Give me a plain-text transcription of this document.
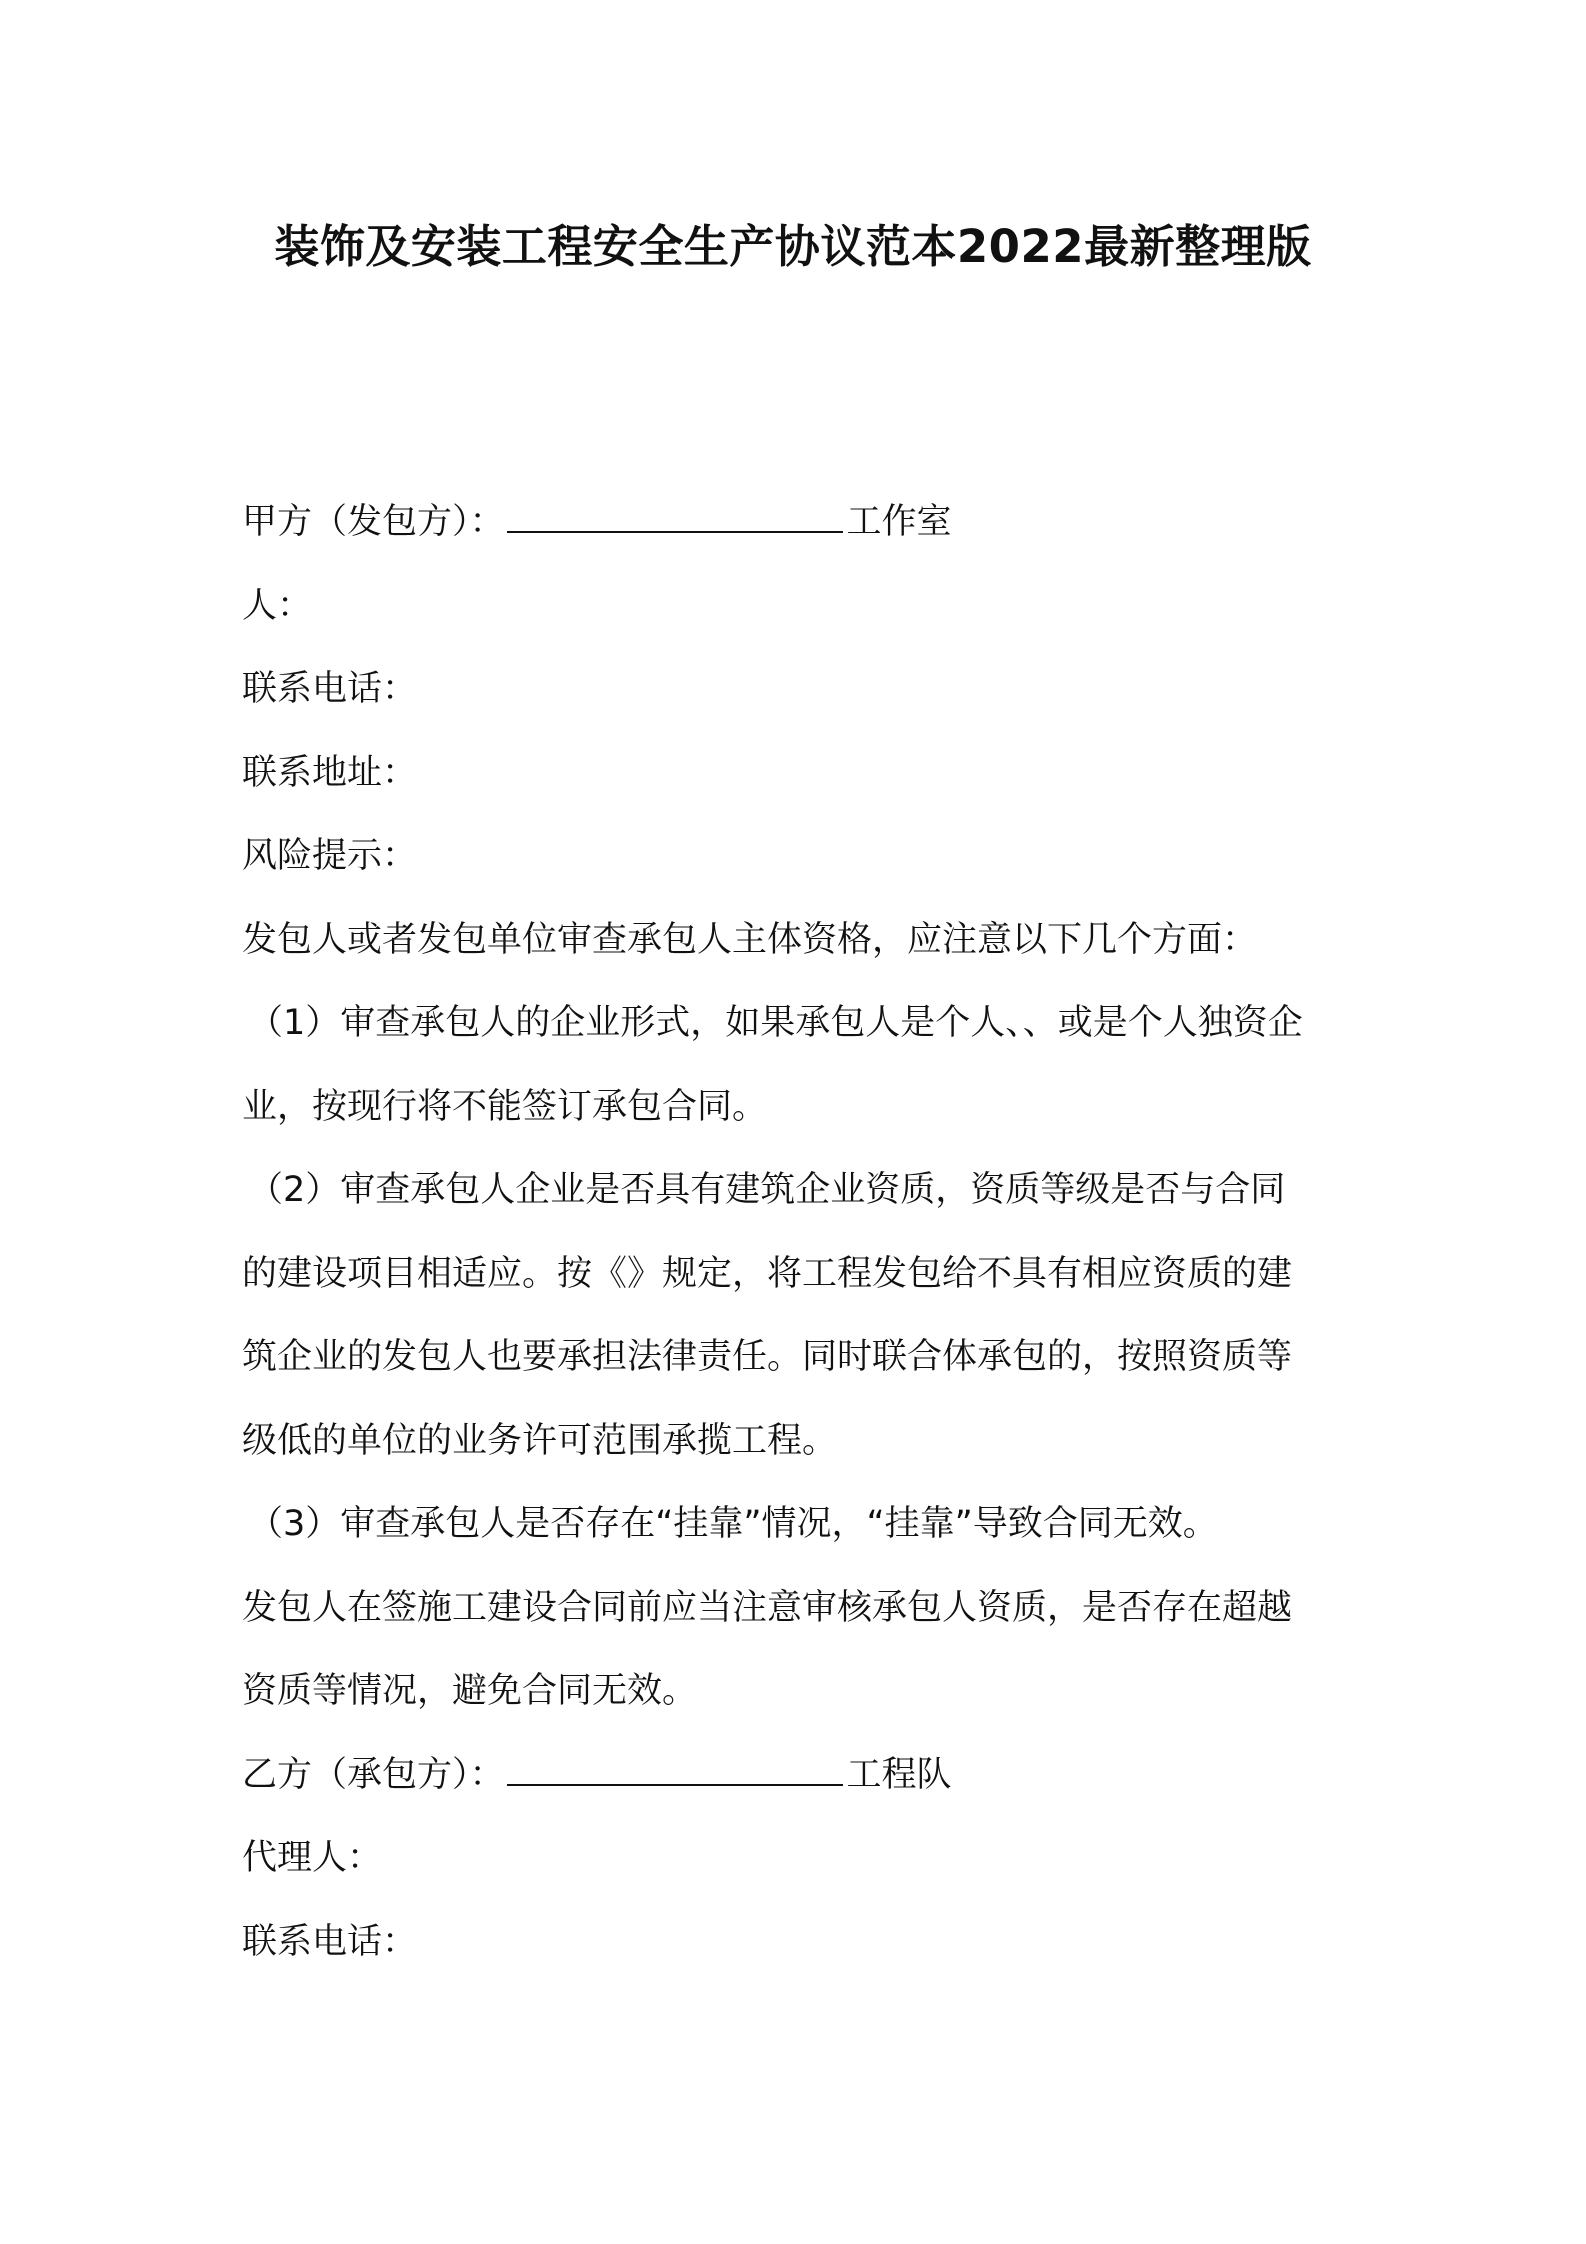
装饰及安装工程安全生产协议范本2022最新整理版
甲方（发包方）：	工作室
人：
联系电话：
联系地址：
风险提示：
发包人或者发包单位审查承包人主体资格，应注意以下几个方面：
（1）审查承包人的企业形式，如果承包人是个人、、或是个人独资企
业，按现行将不能签订承包合同。
（2）审查承包人企业是否具有建筑企业资质，资质等级是否与合同
的建设项目相适应。按《》规定，将工程发包给不具有相应资质的建
筑企业的发包人也要承担法律责任。同时联合体承包的，按照资质等
级低的单位的业务许可范围承揽工程。
（3）审查承包人是否存在“挂靠”情况，“挂靠”导致合同无效。
发包人在签施工建设合同前应当注意审核承包人资质，是否存在超越
资质等情况，避免合同无效。
乙方（承包方）：	工程队
代理人：
联系电话：
